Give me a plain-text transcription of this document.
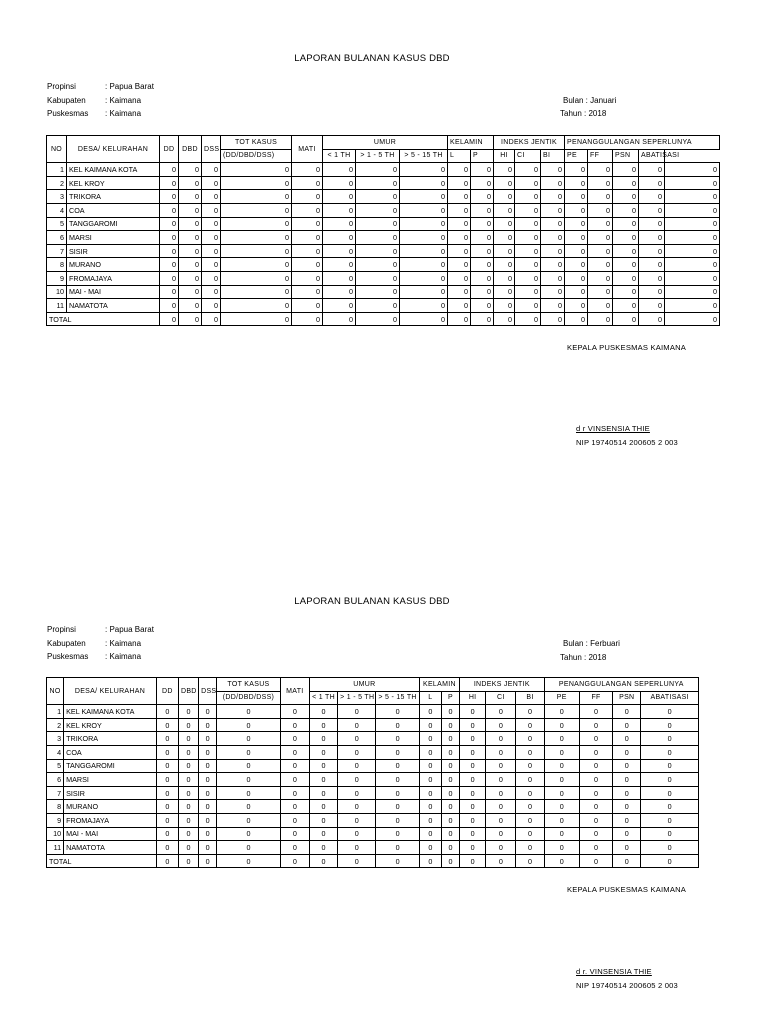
LAPORAN BULANAN KASUS DBD
Propinsi	: Papua Barat
Kabupaten	: Kaimana
Puskesmas	: Kaimana
Bulan : Januari
Tahun : 2018
NO	DESA/ KELURAHAN	DD	DBD	DSS	TOT KASUS	MATI	UMUR			KELAMIN		INDEKS JENTIK			PENANGGULANGAN SEPERLUNYA				
					(DD/DBD/DSS)		< 1 TH	> 1 - 5 TH	> 5 - 15 TH	L	P	HI	CI	BI	PE	FF	PSN	ABATISASI	
1	KEL KAIMANA KOTA	0	0	0	0	0	0	0	0	0	0	0	0	0	0	0	0	0	0
2	KEL KROY	0	0	0	0	0	0	0	0	0	0	0	0	0	0	0	0	0	0
3	TRIKORA	0	0	0	0	0	0	0	0	0	0	0	0	0	0	0	0	0	0
4	COA	0	0	0	0	0	0	0	0	0	0	0	0	0	0	0	0	0	0
5	TANGGAROMI	0	0	0	0	0	0	0	0	0	0	0	0	0	0	0	0	0	0
6	MARSI	0	0	0	0	0	0	0	0	0	0	0	0	0	0	0	0	0	0
7	SISIR	0	0	0	0	0	0	0	0	0	0	0	0	0	0	0	0	0	0
8	MURANO	0	0	0	0	0	0	0	0	0	0	0	0	0	0	0	0	0	0
9	FROMAJAYA	0	0	0	0	0	0	0	0	0	0	0	0	0	0	0	0	0	0
10	MAI - MAI	0	0	0	0	0	0	0	0	0	0	0	0	0	0	0	0	0	0
11	NAMATOTA	0	0	0	0	0	0	0	0	0	0	0	0	0	0	0	0	0	0
TOTAL		0	0	0	0	0	0	0	0	0	0	0	0	0	0	0	0	0	0
KEPALA PUSKESMAS KAIMANA
d r VINSENSIA THIE
NIP 19740514 200605 2 003
LAPORAN BULANAN KASUS DBD
Propinsi	: Papua Barat
Kabupaten	: Kaimana
Puskesmas	: Kaimana
Bulan : Ferbuari
Tahun : 2018
NO	DESA/ KELURAHAN	DD	DBD	DSS	TOT KASUS	MATI	UMUR			KELAMIN		INDEKS JENTIK			PENANGGULANGAN SEPERLUNYA			
					(DD/DBD/DSS)		< 1 TH	> 1 - 5 TH	> 5 - 15 TH	L	P	HI	CI	BI	PE	FF	PSN	ABATISASI
1	KEL KAIMANA KOTA	0	0	0	0	0	0	0	0	0	0	0	0	0	0	0	0	0
2	KEL KROY	0	0	0	0	0	0	0	0	0	0	0	0	0	0	0	0	0
3	TRIKORA	0	0	0	0	0	0	0	0	0	0	0	0	0	0	0	0	0
4	COA	0	0	0	0	0	0	0	0	0	0	0	0	0	0	0	0	0
5	TANGGAROMI	0	0	0	0	0	0	0	0	0	0	0	0	0	0	0	0	0
6	MARSI	0	0	0	0	0	0	0	0	0	0	0	0	0	0	0	0	0
7	SISIR	0	0	0	0	0	0	0	0	0	0	0	0	0	0	0	0	0
8	MURANO	0	0	0	0	0	0	0	0	0	0	0	0	0	0	0	0	0
9	FROMAJAYA	0	0	0	0	0	0	0	0	0	0	0	0	0	0	0	0	0
10	MAI - MAI	0	0	0	0	0	0	0	0	0	0	0	0	0	0	0	0	0
11	NAMATOTA	0	0	0	0	0	0	0	0	0	0	0	0	0	0	0	0	0
TOTAL		0	0	0	0	0	0	0	0	0	0	0	0	0	0	0	0	0
KEPALA PUSKESMAS KAIMANA
d r. VINSENSIA THIE
NIP 19740514 200605 2 003
